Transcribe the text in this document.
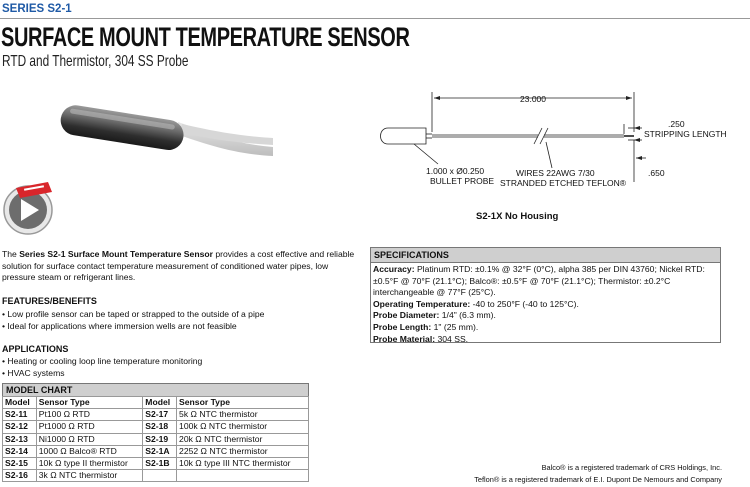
SERIES S2-1
SURFACE MOUNT TEMPERATURE SENSOR
RTD and Thermistor, 304 SS Probe
23.000
.250
STRIPPING LENGTH
1.000 x Ø0.250
BULLET PROBE
WIRES 22AWG 7/30
STRANDED ETCHED TEFLON®
.650
S2-1X No Housing
The Series S2-1 Surface Mount Temperature Sensor provides a cost effective and reliable solution for surface contact temperature measurement of conditioned water pipes, low pressure steam or refrigerant lines.
FEATURES/BENEFITS
• Low profile sensor can be taped or strapped to the outside of a pipe
• Ideal for applications where immersion wells are not feasible
APPLICATIONS
• Heating or cooling loop line temperature monitoring
• HVAC systems
SPECIFICATIONS
Accuracy: Platinum RTD: ±0.1% @ 32°F (0°C), alpha 385 per DIN 43760; Nickel RTD: ±0.5°F @ 70°F (21.1°C); Balco®: ±0.5°F @ 70°F (21.1°C); Thermistor: ±0.2°C interchangeable @ 77°F (25°C).
Operating Temperature: -40 to 250°F (-40 to 125°C).
Probe Diameter: 1/4" (6.3 mm).
Probe Length: 1" (25 mm).
Probe Material: 304 SS.
MODEL CHART
Model	Sensor Type	Model	Sensor Type
S2-11	Pt100 Ω RTD	S2-17	5k Ω NTC thermistor
S2-12	Pt1000 Ω RTD	S2-18	100k Ω NTC thermistor
S2-13	Ni1000 Ω RTD	S2-19	20k Ω NTC thermistor
S2-14	1000 Ω Balco® RTD	S2-1A	2252 Ω NTC thermistor
S2-15	10k Ω type II thermistor	S2-1B	10k Ω type III NTC thermistor
S2-16	3k Ω NTC thermistor		
Balco® is a registered trademark of CRS Holdings, Inc.
Teflon® is a registered trademark of E.I. Dupont De Nemours and Company
